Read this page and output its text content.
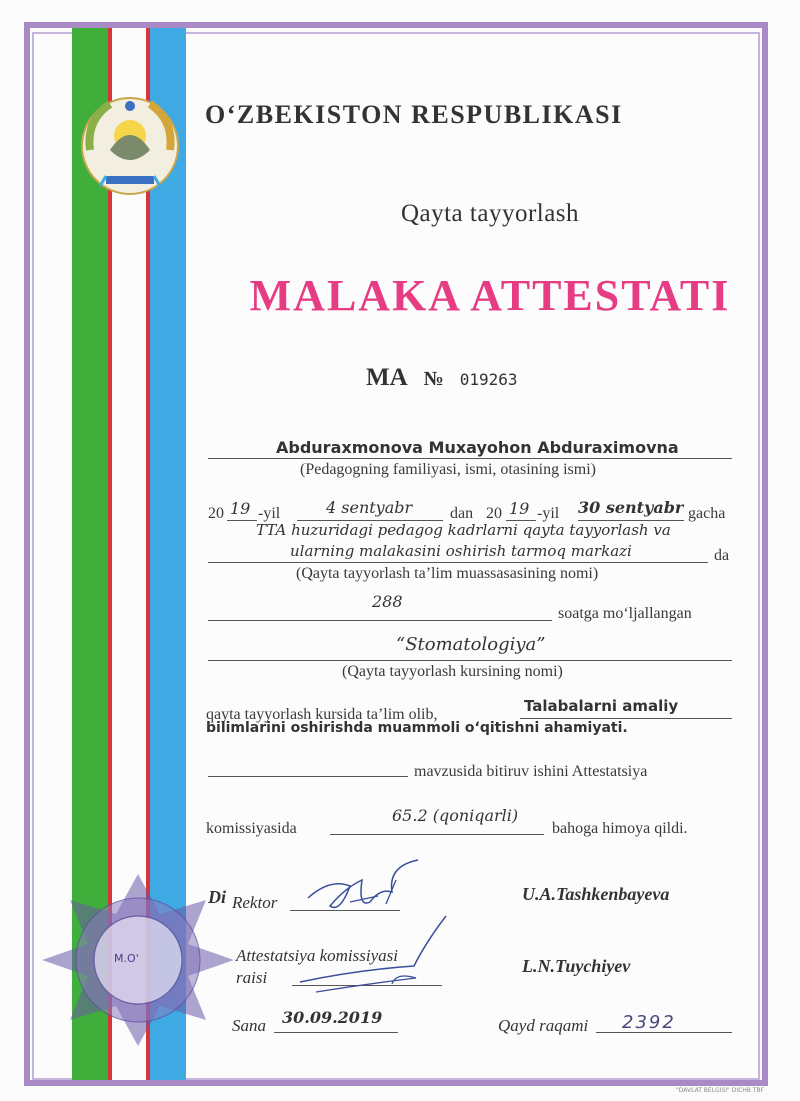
O‘ZBEKISTON RESPUBLIKASI
Qayta tayyorlash
MALAKA ATTESTATI
MA № 019263
Abduraxmonova Muxayohon Abduraximovna
(Pedagogning familiyasi, ismi, otasining ismi)
20 19 -yil	4 sentyabr dan 20 19 -yil 30 sentyabr gacha
TTA huzuridagi pedagog kadrlarni qayta tayyorlash va
ularning malakasini oshirish tarmoq markazi	da
(Qayta tayyorlash ta’lim muassasasining nomi)
288
soatga mo‘ljallangan
“Stomatologiya”
(Qayta tayyorlash kursining nomi)
qayta tayyorlash kursida ta’lim olib,	Talabalarni amaliy
bilimlarini oshirishda muammoli o‘qitishni ahamiyati.
mavzusida bitiruv ishini Attestatsiya
komissiyasida
65.2 (qoniqarli)
bahoga himoya qildi.
Di Rektor	U.A.Tashkenbayeva
Attestatsiya komissiyasi
raisi
L.N.Tuychiyev
Sana 30.09.2019	Qayd raqami 2392
M.O‘
"DAVLAT BELGISI" DICHB TBF
